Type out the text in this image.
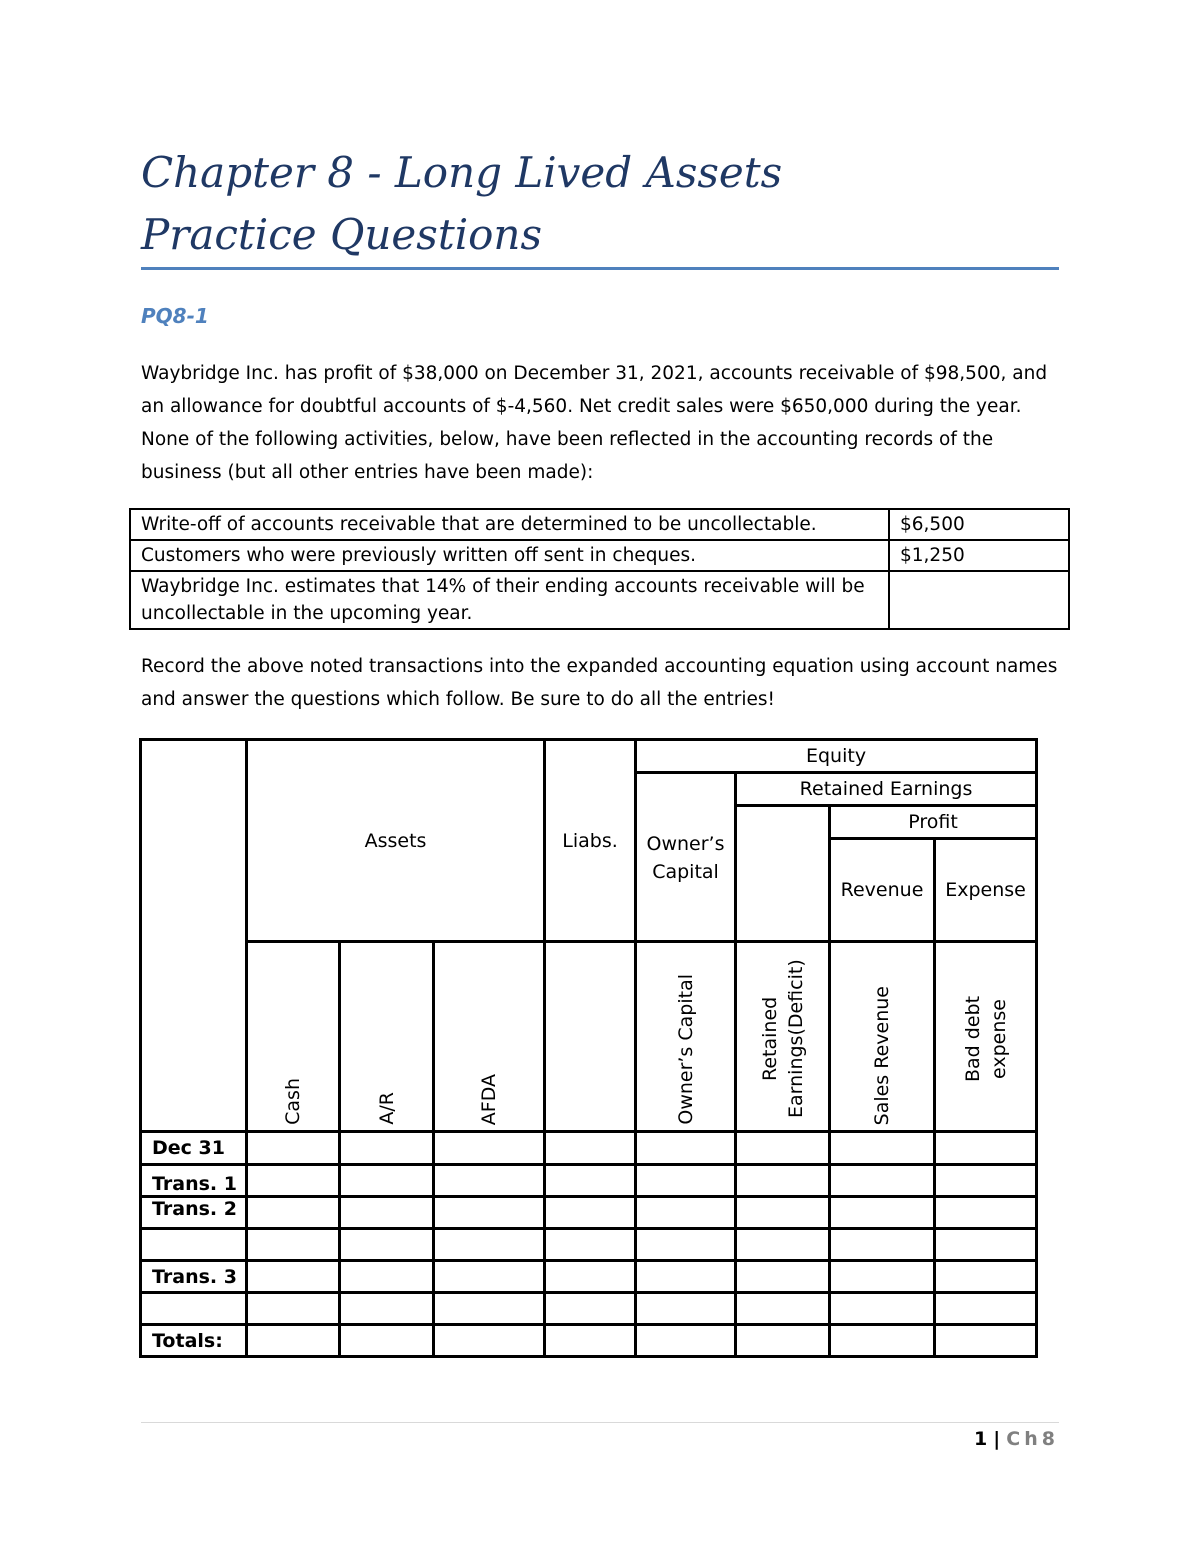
Chapter 8 - Long Lived Assets
Practice Questions
PQ8-1

Waybridge Inc. has profit of $38,000 on December 31, 2021, accounts receivable of $98,500, and an allowance for doubtful accounts of $-4,560. Net credit sales were $650,000 during the year. None of the following activities, below, have been reflected in the accounting records of the business (but all other entries have been made):

Write-off of accounts receivable that are determined to be uncollectable.	$6,500
Customers who were previously written off sent in cheques.	$1,250
Waybridge Inc. estimates that 14% of their ending accounts receivable will be uncollectable in the upcoming year.	

Record the above noted transactions into the expanded accounting equation using account names and answer the questions which follow. Be sure to do all the entries!

	Assets			Liabs.	Equity			
					Owner’s Capital	Retained Earnings		
							Profit	
							Revenue	Expense

	Cash	A/R	AFDA		Owner’s Capital	Retained Earnings(Deficit)	Sales Revenue	Bad debt expense
Dec 31								
Trans. 1								
Trans. 2								

Trans. 3								

Totals:								
1 | Ch8
